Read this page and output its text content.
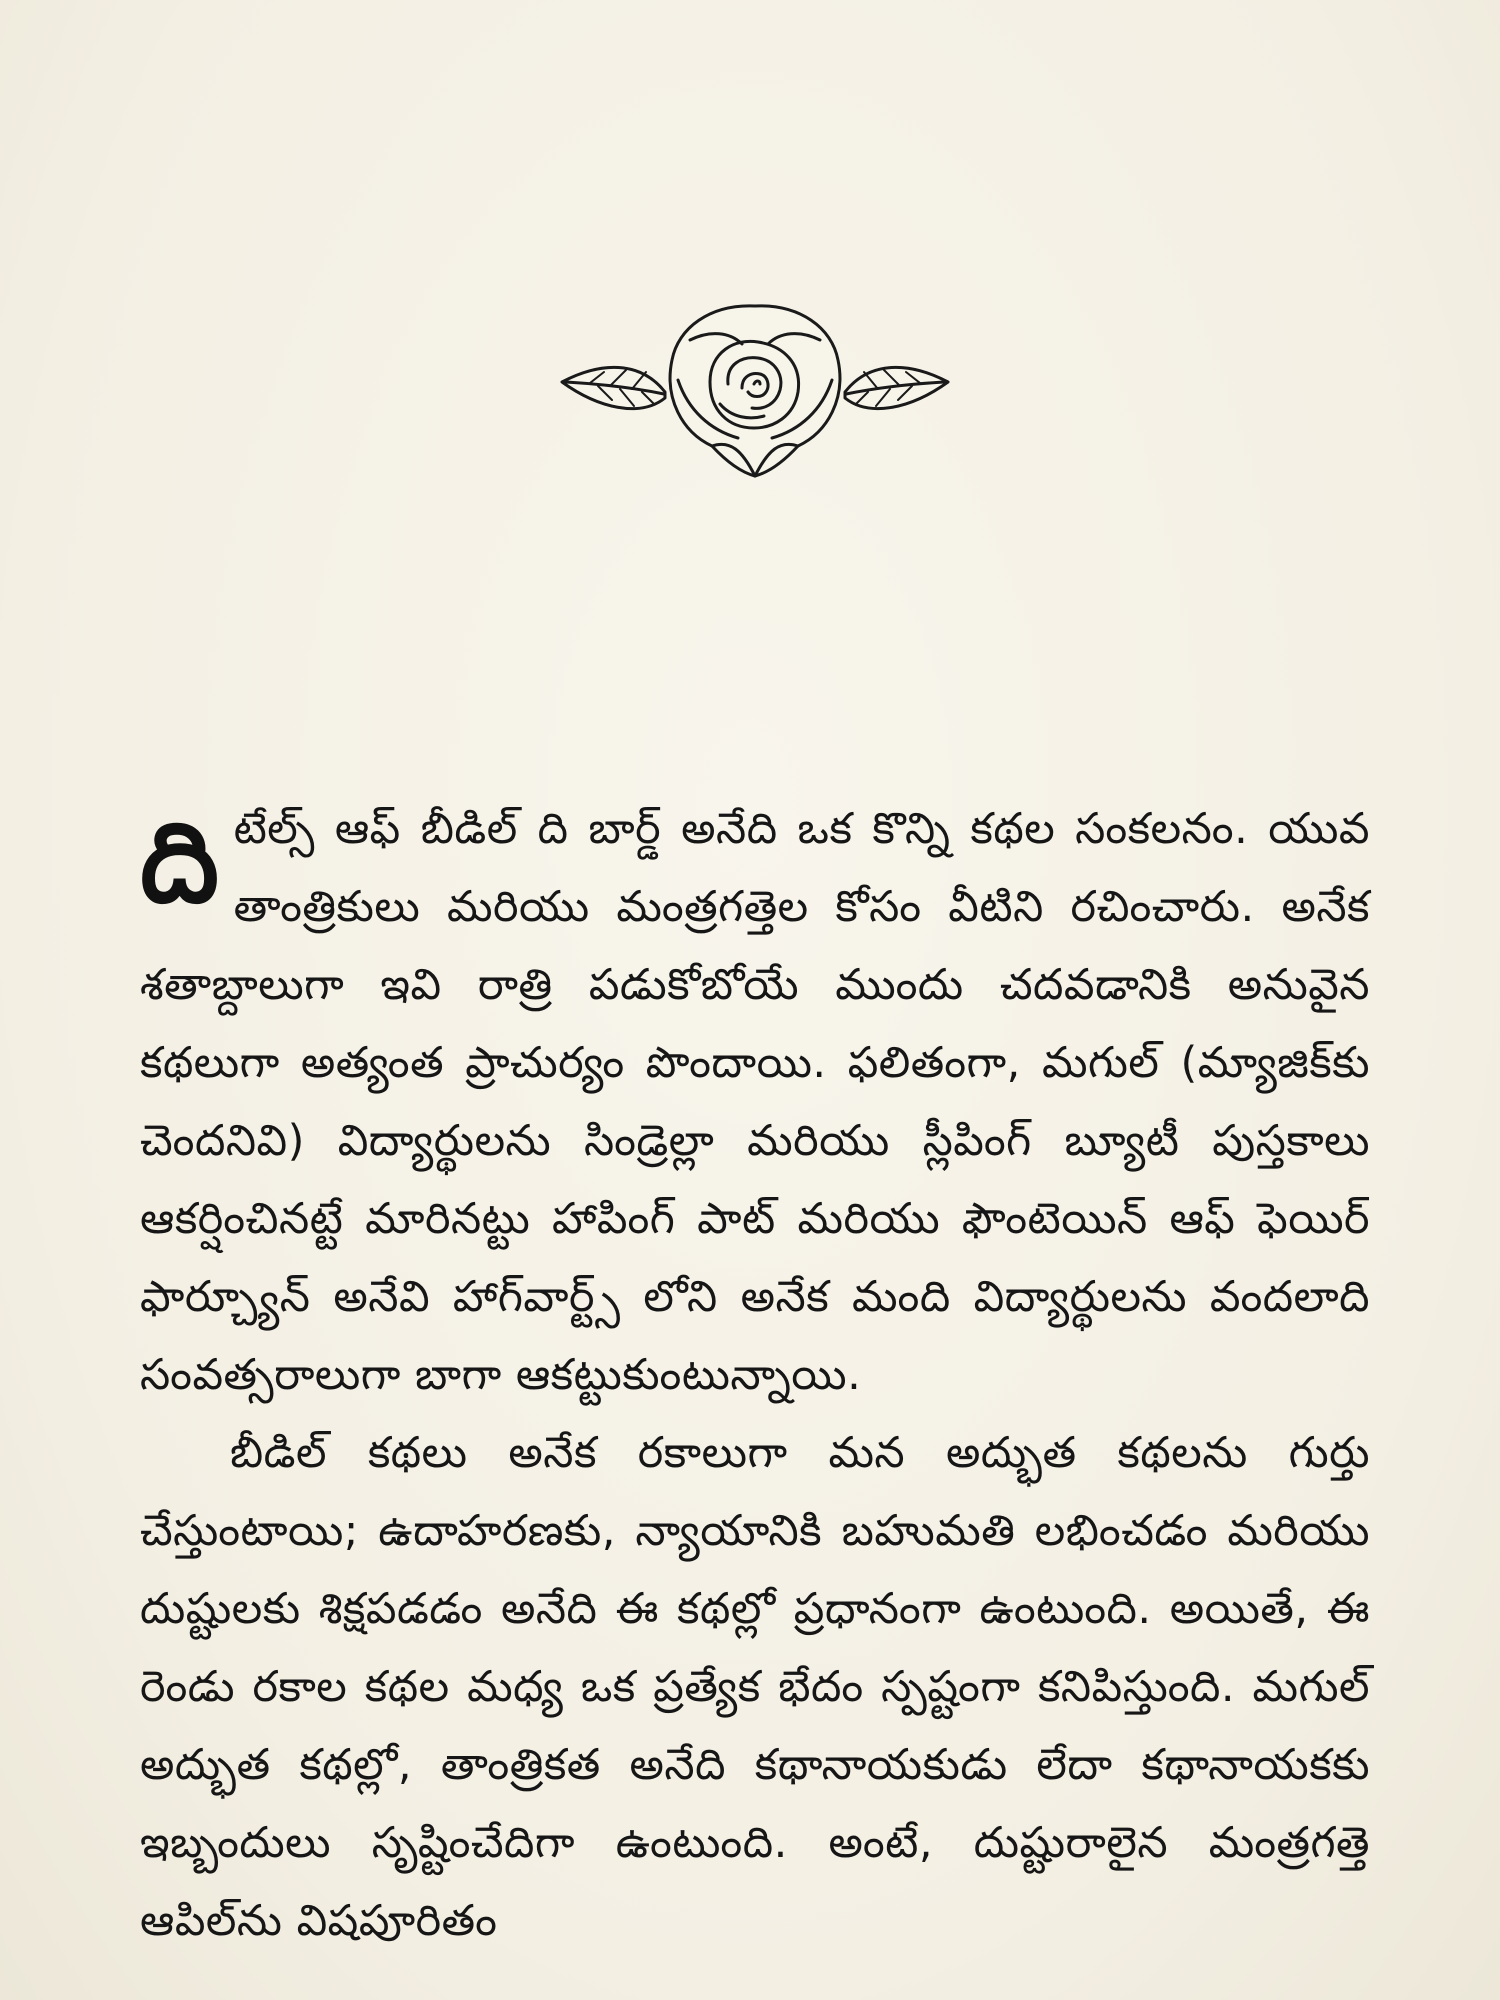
దిటేల్స్ ఆఫ్ బీడిల్ ది బార్డ్ అనేది ఒక కొన్ని కథల సంకలనం. యువ తాంత్రికులు మరియు మంత్రగత్తెల కోసం వీటిని రచించారు. అనేక శతాబ్దాలుగా ఇవి రాత్రి పడుకోబోయే ముందు చదవడానికి అనువైన కథలుగా అత్యంత ప్రాచుర్యం పొందాయి. ఫలితంగా, మగుల్ (మ్యాజిక్‌కు చెందనివి) విద్యార్థులను సిండ్రెల్లా మరియు స్లీపింగ్ బ్యూటీ పుస్తకాలు ఆకర్షించినట్టే మారినట్టు హాపింగ్ పాట్ మరియు ఫౌంటెయిన్ ఆఫ్ ఫెయిర్ ఫార్చ్యూన్ అనేవి హాగ్‌వార్ట్స్ లోని అనేక మంది విద్యార్థులను వందలాది సంవత్సరాలుగా బాగా ఆకట్టుకుంటున్నాయి.

బీడిల్ కథలు అనేక రకాలుగా మన అద్భుత కథలను గుర్తు చేస్తుంటాయి; ఉదాహరణకు, న్యాయానికి బహుమతి లభించడం మరియు దుష్టులకు శిక్షపడడం అనేది ఈ కథల్లో ప్రధానంగా ఉంటుంది. అయితే, ఈ రెండు రకాల కథల మధ్య ఒక ప్రత్యేక భేదం స్పష్టంగా కనిపిస్తుంది. మగుల్ అద్భుత కథల్లో, తాంత్రికత అనేది కథానాయకుడు లేదా కథానాయకకు ఇబ్బందులు సృష్టించేదిగా ఉంటుంది. అంటే, దుష్టురాలైన మంత్రగత్తె ఆపిల్‌ను విషపూరితం
